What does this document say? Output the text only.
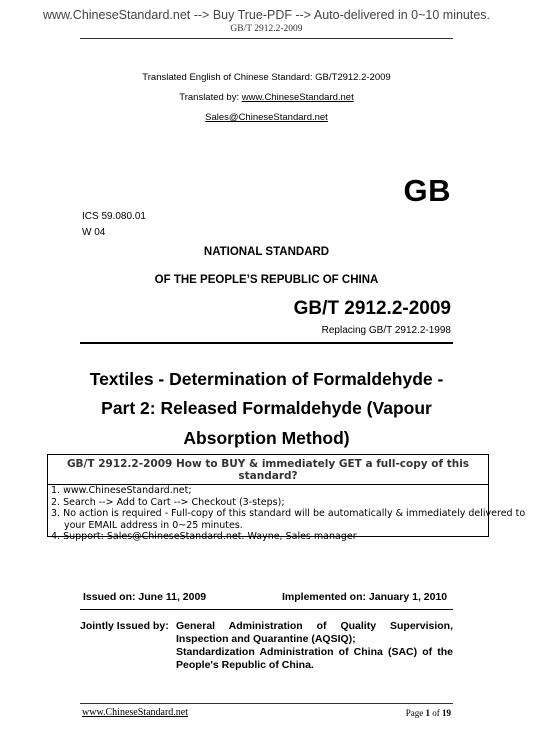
www.ChineseStandard.net --> Buy True-PDF --> Auto-delivered in 0~10 minutes.
GB/T 2912.2-2009
Translated English of Chinese Standard: GB/T2912.2-2009
Translated by: www.ChineseStandard.net
Sales@ChineseStandard.net
GB
ICS 59.080.01
W 04
NATIONAL STANDARD
OF THE PEOPLE’S REPUBLIC OF CHINA
GB/T 2912.2-2009
Replacing GB/T 2912.2-1998
Textiles - Determination of Formaldehyde -
Part 2: Released Formaldehyde (Vapour
Absorption Method)
GB/T 2912.2-2009 How to BUY & immediately GET a full-copy of this standard?
1. www.ChineseStandard.net;
2. Search --> Add to Cart --> Checkout (3-steps);
3. No action is required - Full-copy of this standard will be automatically & immediately delivered to
your EMAIL address in 0~25 minutes.
4. Support: Sales@ChineseStandard.net. Wayne, Sales manager
Issued on: June 11, 2009	Implemented on: January 1, 2010
Jointly Issued by: General Administration of Quality Supervision,
Inspection and Quarantine (AQSIQ);
Standardization Administration of China (SAC) of the
People's Republic of China.
www.ChineseStandard.net	Page 1 of 19
